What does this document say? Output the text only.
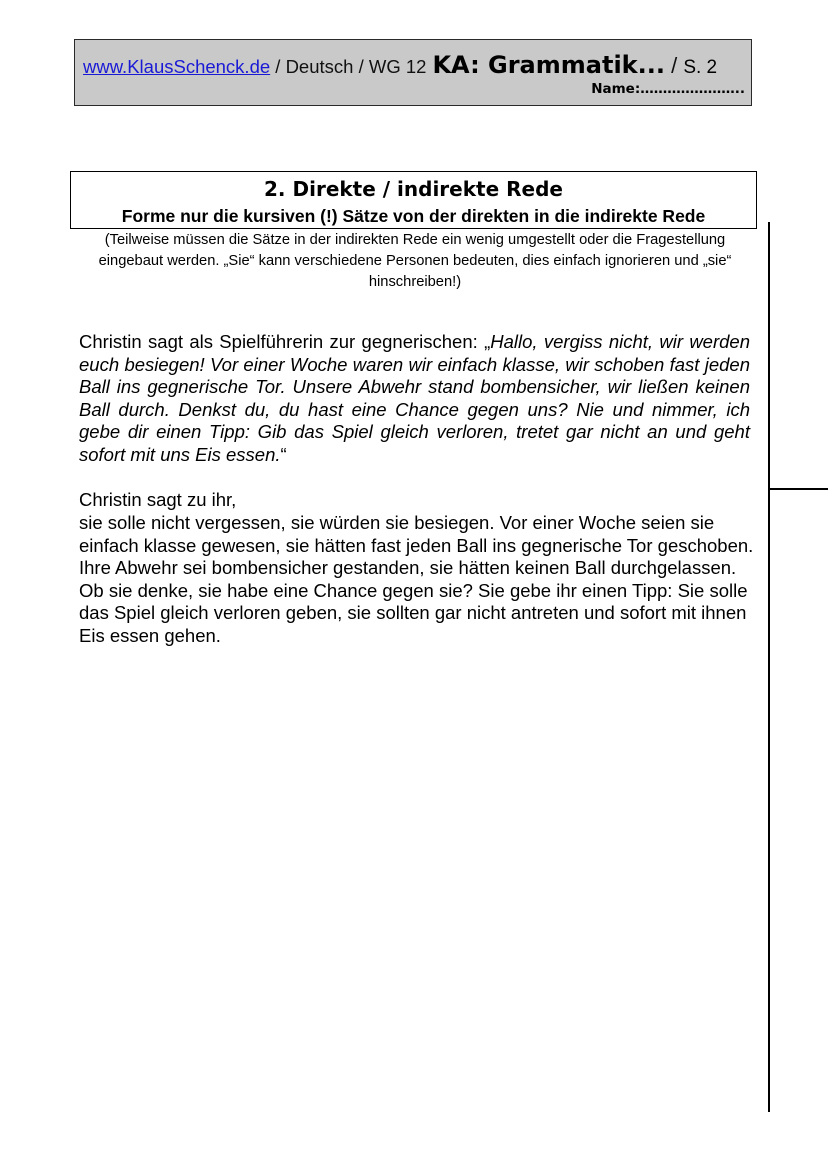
www.KlausSchenck.de / Deutsch / WG 12 KA: Grammatik... / S. 2
Name:…………………..
2. Direkte / indirekte Rede
Forme nur die kursiven (!) Sätze von der direkten in die indirekte Rede
(Teilweise müssen die Sätze in der indirekten Rede ein wenig umgestellt oder die Fragestellung eingebaut werden. „Sie“ kann verschiedene Personen bedeuten, dies einfach ignorieren und „sie“ hinschreiben!)

Christin sagt als Spielführerin zur gegnerischen: „Hallo, vergiss nicht, wir werden euch besiegen! Vor einer Woche waren wir einfach klasse, wir schoben fast jeden Ball ins gegnerische Tor. Unsere Abwehr stand bombensicher, wir ließen keinen Ball durch. Denkst du, du hast eine Chance gegen uns? Nie und nimmer, ich gebe dir einen Tipp: Gib das Spiel gleich verloren, tretet gar nicht an und geht sofort mit uns Eis essen.“

Christin sagt zu ihr,

sie solle nicht vergessen, sie würden sie besiegen. Vor einer Woche seien sie einfach klasse gewesen, sie hätten fast jeden Ball ins gegnerische Tor geschoben. Ihre Abwehr sei bombensicher gestanden, sie hätten keinen Ball durchgelassen. Ob sie denke, sie habe eine Chance gegen sie? Sie gebe ihr einen Tipp: Sie solle das Spiel gleich verloren geben, sie sollten gar nicht antreten und sofort mit ihnen Eis essen gehen.
